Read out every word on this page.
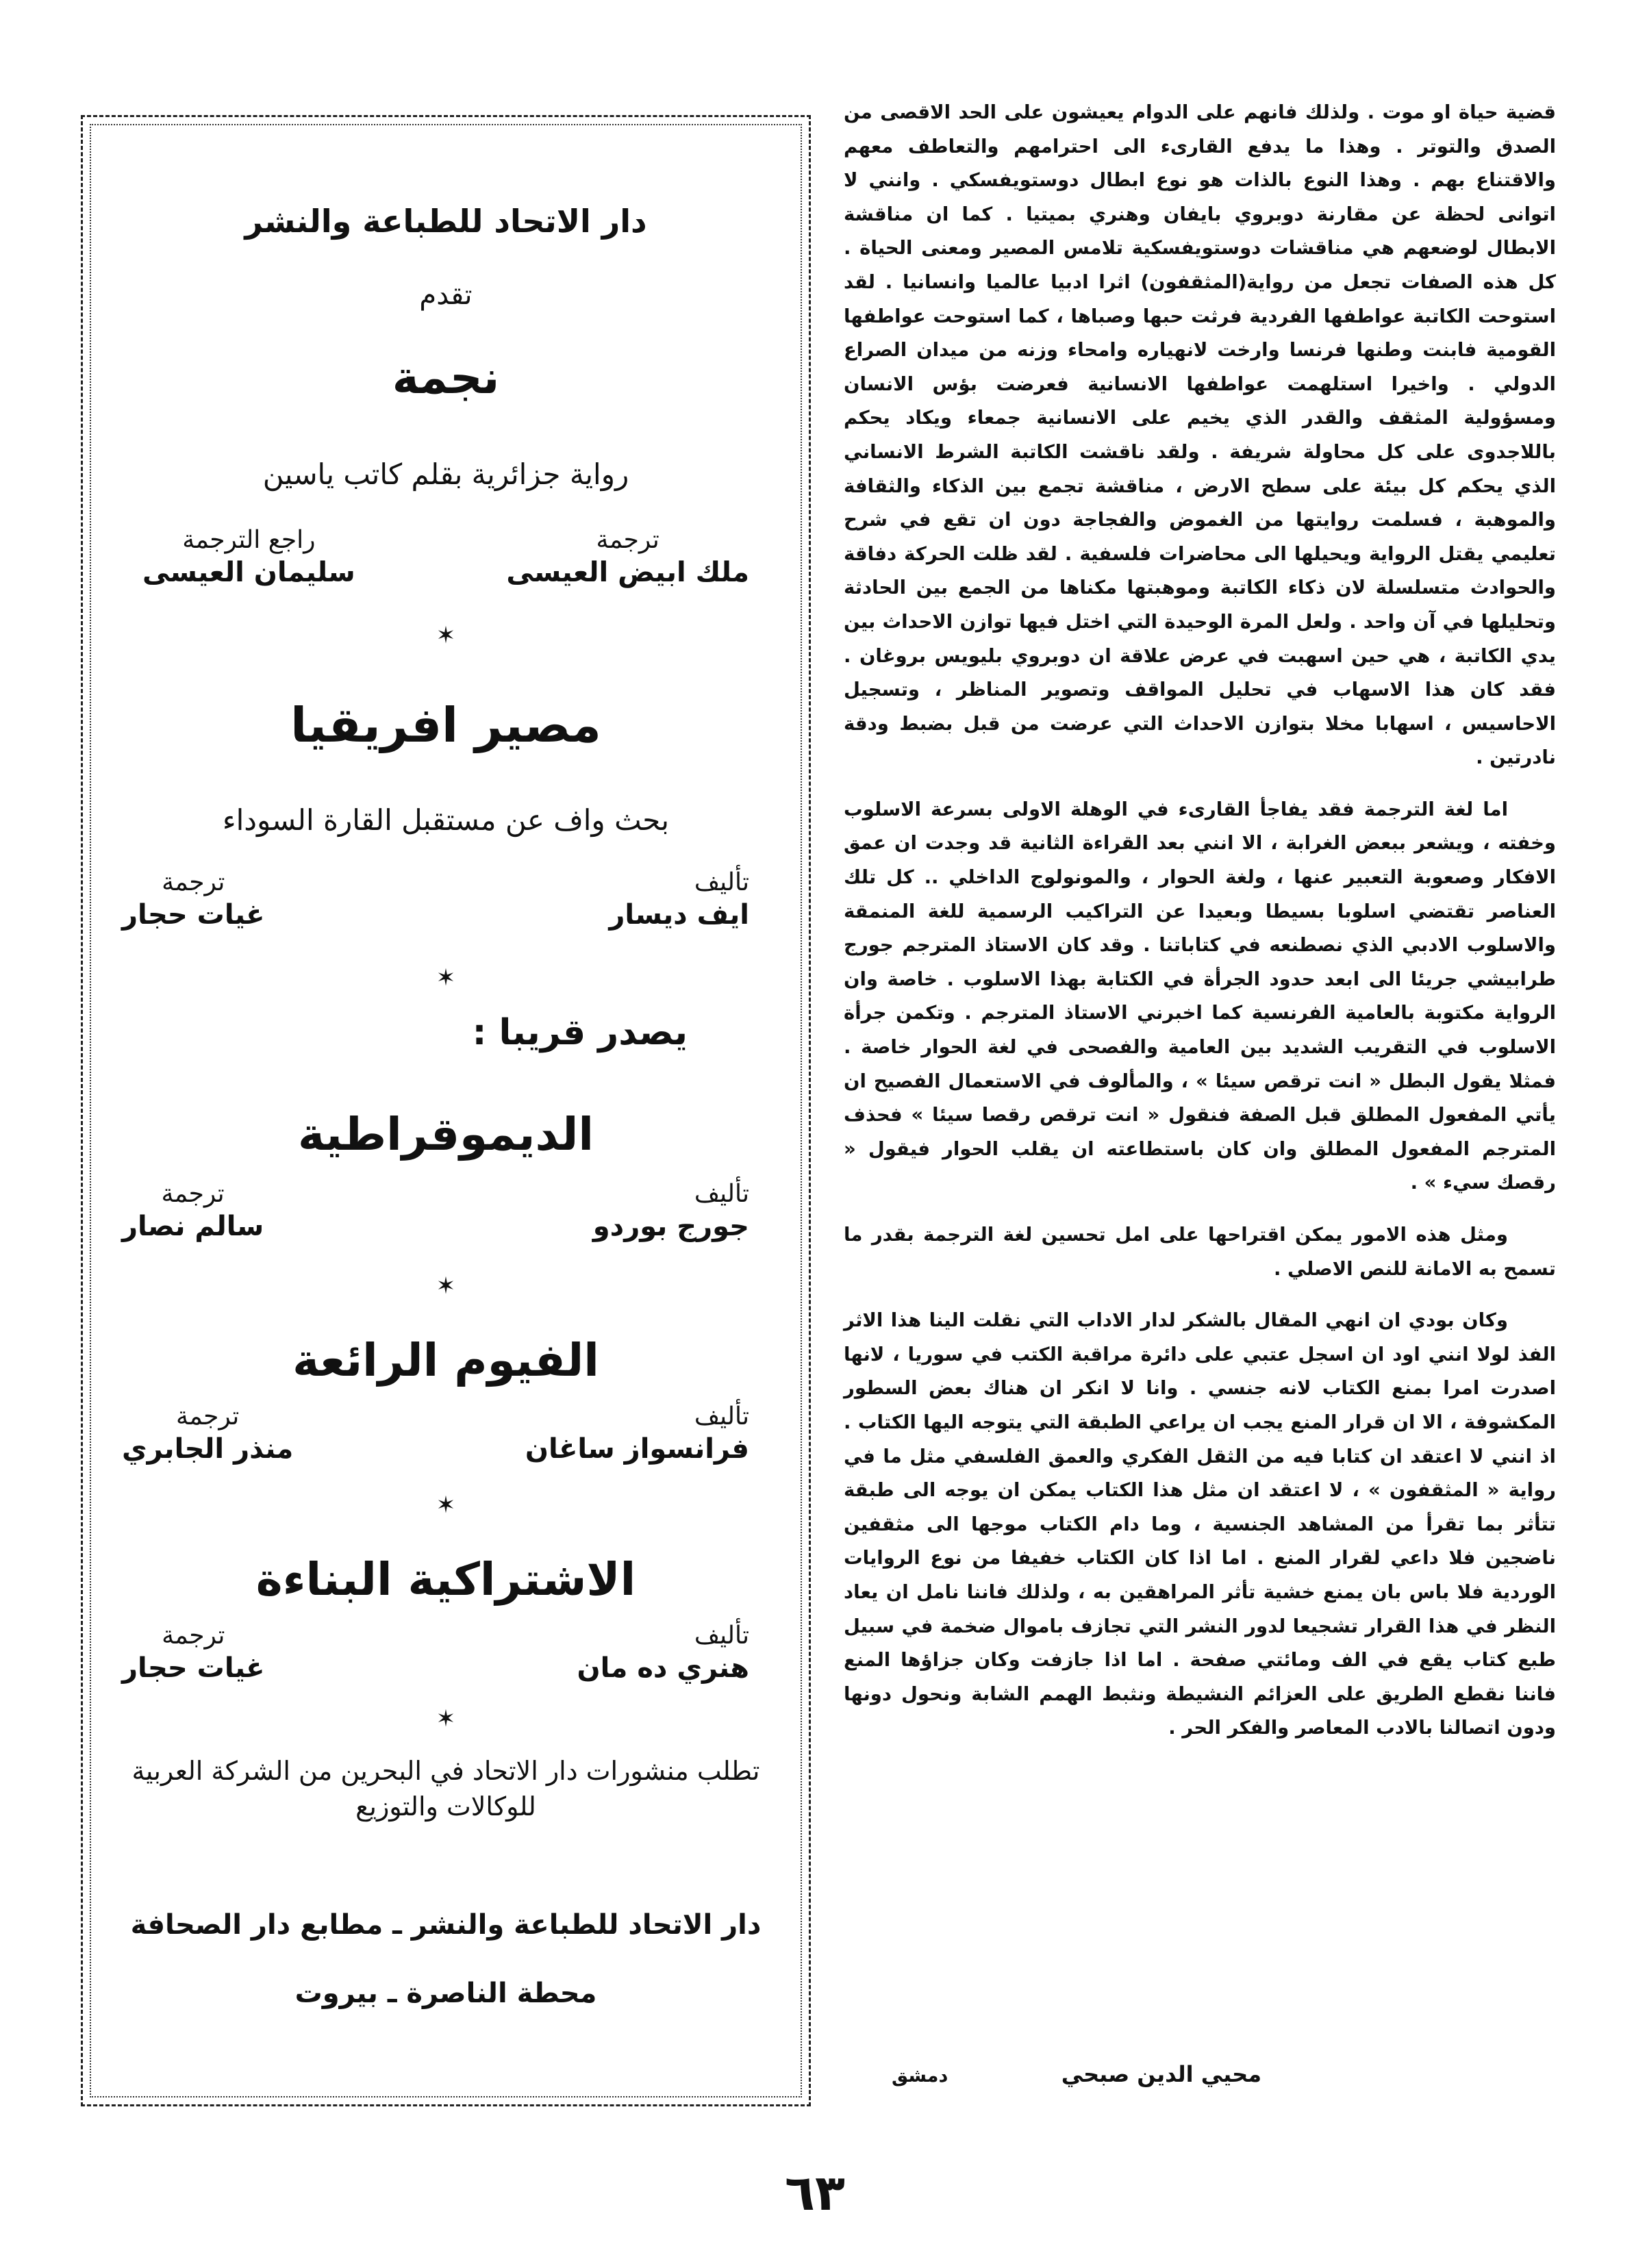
قضية حياة او موت . ولذلك فانهم على الدوام يعيشون على الحد الاقصى من الصدق والتوتر . وهذا ما يدفع القارىء الى احترامهم والتعاطف معهم والاقتناع بهم . وهذا النوع بالذات هو نوع ابطال دوستويفسكي . وانني لا اتوانى لحظة عن مقارنة دوبروي بايفان وهنري بميتيا . كما ان مناقشة الابطال لوضعهم هي مناقشات دوستويفسكية تلامس المصير ومعنى الحياة . كل هذه الصفات تجعل من رواية(المثقفون) اثرا ادبيا عالميا وانسانيا . لقد استوحت الكاتبة عواطفها الفردية فرثت حبها وصباها ، كما استوحت عواطفها القومية فابنت وطنها فرنسا وارخت لانهياره وامحاء وزنه من ميدان الصراع الدولي . واخيرا استلهمت عواطفها الانسانية فعرضت بؤس الانسان ومسؤولية المثقف والقدر الذي يخيم على الانسانية جمعاء ويكاد يحكم باللاجدوى على كل محاولة شريفة . ولقد ناقشت الكاتبة الشرط الانساني الذي يحكم كل بيئة على سطح الارض ، مناقشة تجمع بين الذكاء والثقافة والموهبة ، فسلمت روايتها من الغموض والفجاجة دون ان تقع في شرح تعليمي يقتل الرواية ويحيلها الى محاضرات فلسفية . لقد ظلت الحركة دفاقة والحوادث متسلسلة لان ذكاء الكاتبة وموهبتها مكناها من الجمع بين الحادثة وتحليلها في آن واحد . ولعل المرة الوحيدة التي اختل فيها توازن الاحداث بين يدي الكاتبة ، هي حين اسهبت في عرض علاقة ان دوبروي بليويس بروغان . فقد كان هذا الاسهاب في تحليل المواقف وتصوير المناظر ، وتسجيل الاحاسيس ، اسهابا مخلا بتوازن الاحداث التي عرضت من قبل بضبط ودقة نادرتين .

اما لغة الترجمة فقد يفاجأ القارىء في الوهلة الاولى بسرعة الاسلوب وخفته ، ويشعر ببعض الغرابة ، الا انني بعد القراءة الثانية قد وجدت ان عمق الافكار وصعوبة التعبير عنها ، ولغة الحوار ، والمونولوج الداخلي .. كل تلك العناصر تقتضي اسلوبا بسيطا وبعيدا عن التراكيب الرسمية للغة المنمقة والاسلوب الادبي الذي نصطنعه في كتاباتنا . وقد كان الاستاذ المترجم جورج طرابيشي جريئا الى ابعد حدود الجرأة في الكتابة بهذا الاسلوب . خاصة وان الرواية مكتوبة بالعامية الفرنسية كما اخبرني الاستاذ المترجم . وتكمن جرأة الاسلوب في التقريب الشديد بين العامية والفصحى في لغة الحوار خاصة . فمثلا يقول البطل « انت ترقص سيئا » ، والمألوف في الاستعمال الفصيح ان يأتي المفعول المطلق قبل الصفة فنقول « انت ترقص رقصا سيئا » فحذف المترجم المفعول المطلق وان كان باستطاعته ان يقلب الحوار فيقول « رقصك سيء » .

ومثل هذه الامور يمكن اقتراحها على امل تحسين لغة الترجمة بقدر ما تسمح به الامانة للنص الاصلي .

وكان بودي ان انهي المقال بالشكر لدار الاداب التي نقلت الينا هذا الاثر الفذ لولا انني اود ان اسجل عتبي على دائرة مراقبة الكتب في سوريا ، لانها اصدرت امرا بمنع الكتاب لانه جنسي . وانا لا انكر ان هناك بعض السطور المكشوفة ، الا ان قرار المنع يجب ان يراعي الطبقة التي يتوجه اليها الكتاب . اذ انني لا اعتقد ان كتابا فيه من الثقل الفكري والعمق الفلسفي مثل ما في رواية « المثقفون » ، لا اعتقد ان مثل هذا الكتاب يمكن ان يوجه الى طبقة تتأثر بما تقرأ من المشاهد الجنسية ، وما دام الكتاب موجها الى مثقفين ناضجين فلا داعي لقرار المنع . اما اذا كان الكتاب خفيفا من نوع الروايات الوردية فلا باس بان يمنع خشية تأثر المراهقين به ، ولذلك فاننا نامل ان يعاد النظر في هذا القرار تشجيعا لدور النشر التي تجازف باموال ضخمة في سبيل طبع كتاب يقع في الف ومائتي صفحة . اما اذا جازفت وكان جزاؤها المنع فاننا نقطع الطريق على العزائم النشيطة ونثبط الهمم الشابة ونحول دونها ودون اتصالنا بالادب المعاصر والفكر الحر .

محيي الدين صبحي
دمشق
دار الاتحاد للطباعة والنشر
تقدم
نجمة
رواية جزائرية بقلم كاتب ياسين
ترجمة
ملك ابيض العيسى
راجع الترجمة
سليمان العيسى
✶
مصير افريقيا
بحث واف عن مستقبل القارة السوداء
تأليف
ايف ديسار
ترجمة
غيات حجار
✶
يصدر قريبا :
الديموقراطية
تأليف
جورج بوردو
ترجمة
سالم نصار
✶
الفيوم الرائعة
تأليف
فرانسواز ساغان
ترجمة
منذر الجابري
✶
الاشتراكية البناءة
تأليف
هنري ده مان
ترجمة
غيات حجار
✶
تطلب منشورات دار الاتحاد في البحرين من الشركة العربية للوكالات والتوزيع
دار الاتحاد للطباعة والنشر ـ مطابع دار الصحافة
محطة الناصرة ـ بيروت
٦٣
